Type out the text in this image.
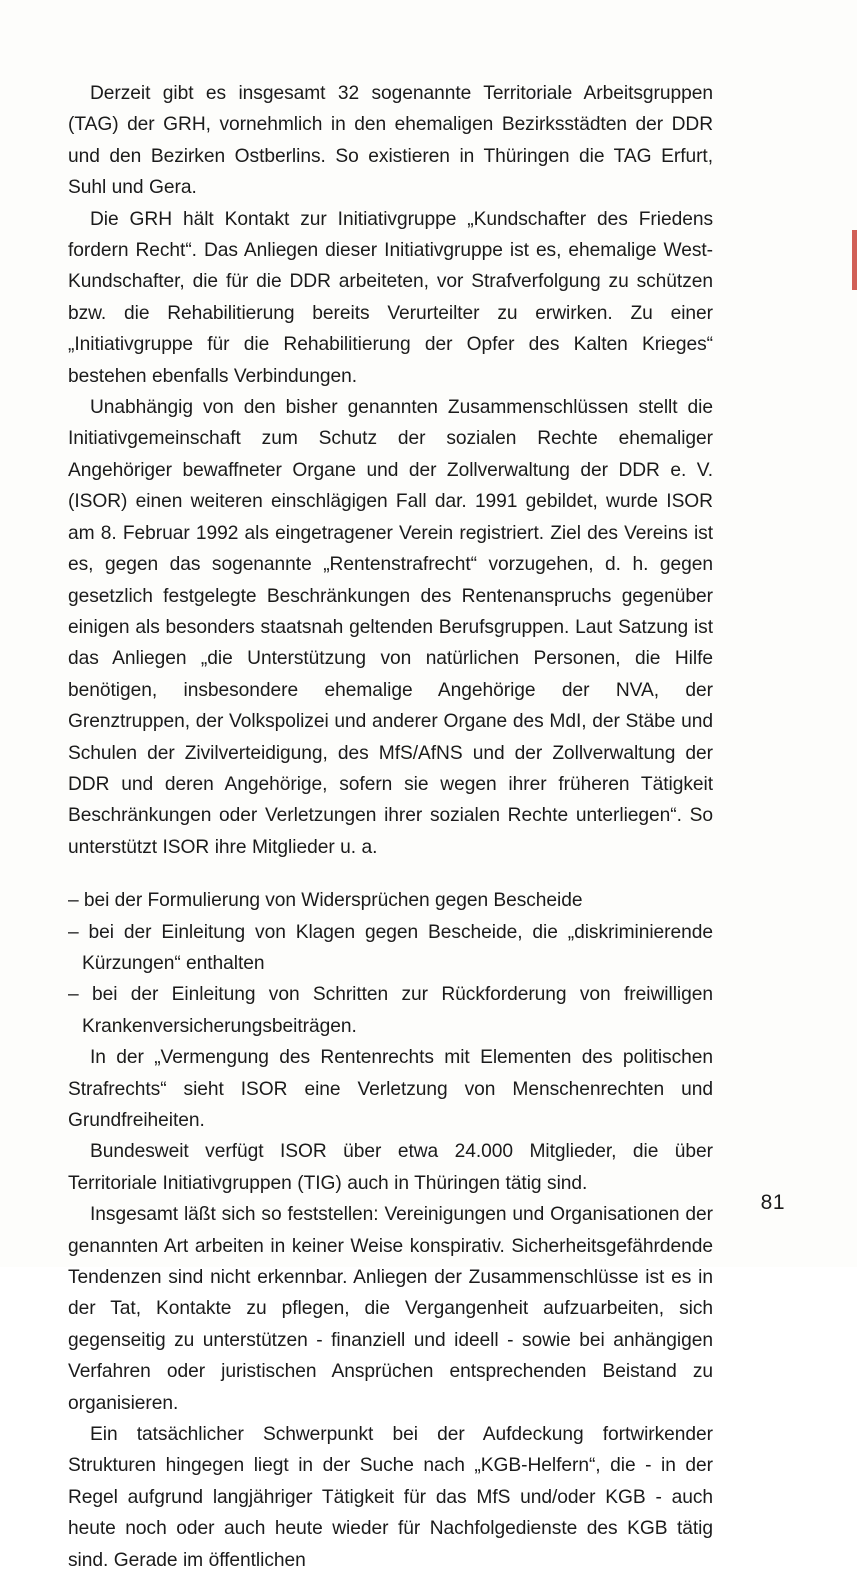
Derzeit gibt es insgesamt 32 sogenannte Territoriale Arbeitsgruppen (TAG) der GRH, vornehmlich in den ehemaligen Bezirksstädten der DDR und den Bezirken Ostberlins. So existieren in Thüringen die TAG Erfurt, Suhl und Gera.

Die GRH hält Kontakt zur Initiativgruppe „Kundschafter des Friedens fordern Recht“. Das Anliegen dieser Initiativgruppe ist es, ehemalige West-Kundschafter, die für die DDR arbeiteten, vor Strafverfolgung zu schützen bzw. die Rehabilitierung bereits Verurteilter zu erwirken. Zu einer „Initiativgruppe für die Rehabilitierung der Opfer des Kalten Krieges“ bestehen ebenfalls Verbindungen.

Unabhängig von den bisher genannten Zusammenschlüssen stellt die Initiativgemeinschaft zum Schutz der sozialen Rechte ehemaliger Angehöriger bewaffneter Organe und der Zollverwaltung der DDR e. V. (ISOR) einen weiteren einschlägigen Fall dar. 1991 gebildet, wurde ISOR am 8. Februar 1992 als eingetragener Verein registriert. Ziel des Vereins ist es, gegen das sogenannte „Rentenstrafrecht“ vorzugehen, d. h. gegen gesetzlich festgelegte Beschränkungen des Rentenanspruchs gegenüber einigen als besonders staatsnah geltenden Berufsgruppen. Laut Satzung ist das Anliegen „die Unterstützung von natürlichen Personen, die Hilfe benötigen, insbesondere ehemalige Angehörige der NVA, der Grenztruppen, der Volkspolizei und anderer Organe des MdI, der Stäbe und Schulen der Zivilverteidigung, des MfS/AfNS und der Zollverwaltung der DDR und deren Angehörige, sofern sie wegen ihrer früheren Tätigkeit Beschränkungen oder Verletzungen ihrer sozialen Rechte unterliegen“. So unterstützt ISOR ihre Mitglieder u. a.

– bei der Formulierung von Widersprüchen gegen Bescheide
– bei der Einleitung von Klagen gegen Bescheide, die „diskriminierende Kürzungen“ enthalten
– bei der Einleitung von Schritten zur Rückforderung von freiwilligen Krankenversicherungsbeiträgen.

In der „Vermengung des Rentenrechts mit Elementen des politischen Strafrechts“ sieht ISOR eine Verletzung von Menschenrechten und Grundfreiheiten.

Bundesweit verfügt ISOR über etwa 24.000 Mitglieder, die über Territoriale Initiativgruppen (TIG) auch in Thüringen tätig sind.

Insgesamt läßt sich so feststellen: Vereinigungen und Organisationen der genannten Art arbeiten in keiner Weise konspirativ. Sicherheitsgefährdende Tendenzen sind nicht erkennbar. Anliegen der Zusammenschlüsse ist es in der Tat, Kontakte zu pflegen, die Vergangenheit aufzuarbeiten, sich gegenseitig zu unterstützen - finanziell und ideell - sowie bei anhängigen Verfahren oder juristischen Ansprüchen entsprechenden Beistand zu organisieren.

Ein tatsächlicher Schwerpunkt bei der Aufdeckung fortwirkender Strukturen hingegen liegt in der Suche nach „KGB-Helfern“, die - in der Regel aufgrund langjähriger Tätigkeit für das MfS und/oder KGB - auch heute noch oder auch heute wieder für Nachfolgedienste des KGB tätig sind. Gerade im öffentlichen

81
